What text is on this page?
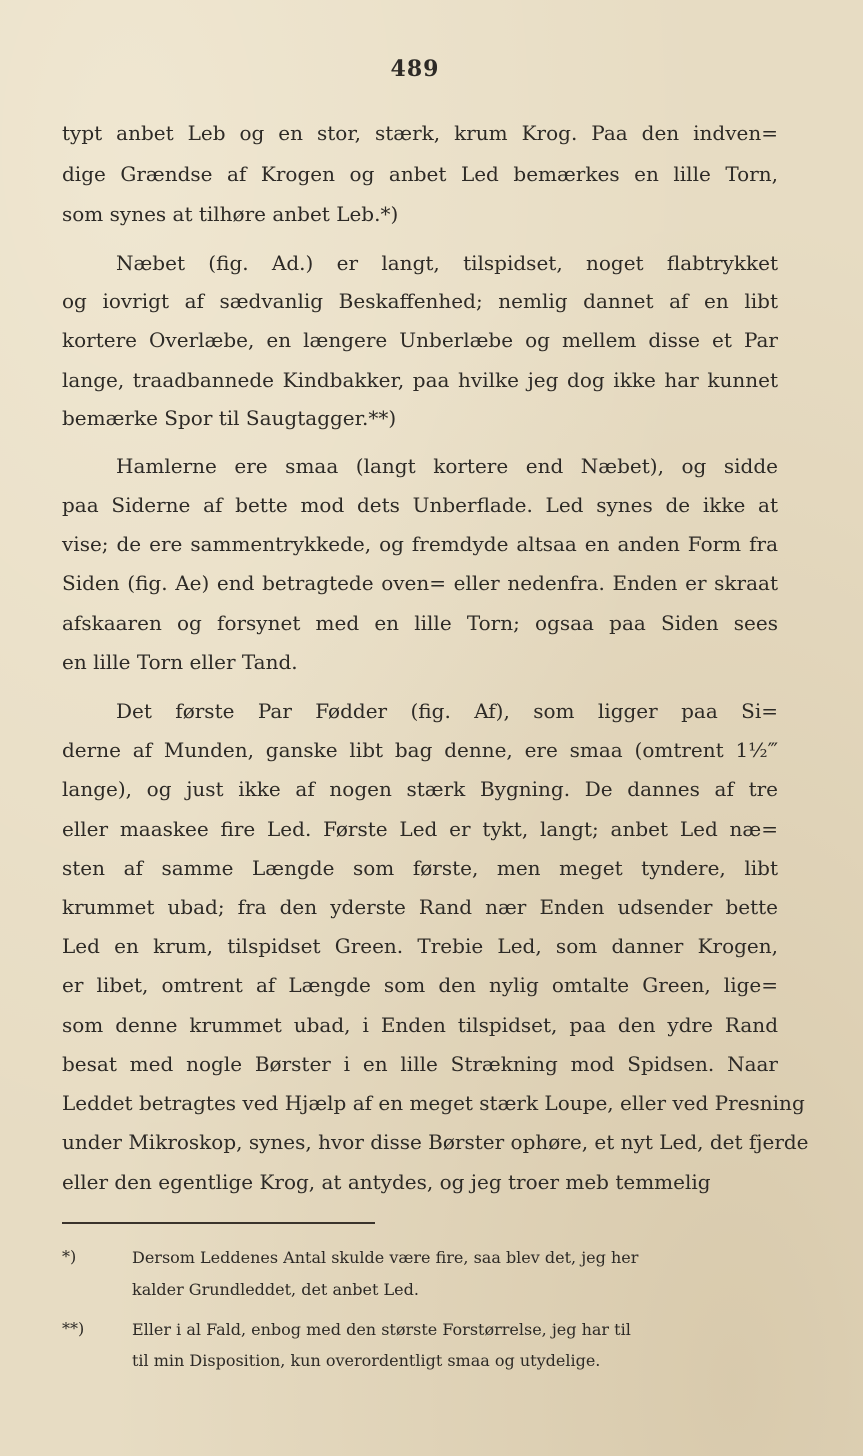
489
typt anbet Leb og en stor, stærk, krum Krog. Paa den indven=
dige Grændse af Krogen og anbet Led bemærkes en lille Torn,
som synes at tilhøre anbet Leb.*)
Næbet (fig. Ad.) er langt, tilspidset, noget flabtrykket
og iovrigt af sædvanlig Beskaffenhed; nemlig dannet af en libt
kortere Overlæbe, en længere Unberlæbe og mellem disse et Par
lange, traadbannede Kindbakker, paa hvilke jeg dog ikke har kunnet
bemærke Spor til Saugtagger.**)
Hamlerne ere smaa (langt kortere end Næbet), og sidde
paa Siderne af bette mod dets Unberflade. Led synes de ikke at
vise; de ere sammentrykkede, og fremdyde altsaa en anden Form fra
Siden (fig. Ae) end betragtede oven= eller nedenfra. Enden er skraat
afskaaren og forsynet med en lille Torn; ogsaa paa Siden sees
en lille Torn eller Tand.
Det første Par Fødder (fig. Af), som ligger paa Si=
derne af Munden, ganske libt bag denne, ere smaa (omtrent 1½‴
lange), og just ikke af nogen stærk Bygning. De dannes af tre
eller maaskee fire Led. Første Led er tykt, langt; anbet Led næ=
sten af samme Længde som første, men meget tyndere, libt
krummet ubad; fra den yderste Rand nær Enden udsender bette
Led en krum, tilspidset Green. Trebie Led, som danner Krogen,
er libet, omtrent af Længde som den nylig omtalte Green, lige=
som denne krummet ubad, i Enden tilspidset, paa den ydre Rand
besat med nogle Børster i en lille Strækning mod Spidsen. Naar
Leddet betragtes ved Hjælp af en meget stærk Loupe, eller ved Presning
under Mikroskop, synes, hvor disse Børster ophøre, et nyt Led, det fjerde
eller den egentlige Krog, at antydes, og jeg troer meb temmelig
*)	Dersom Leddenes Antal skulde være fire, saa blev det, jeg her
kalder Grundleddet, det anbet Led.
**)	Eller i al Fald, enbog med den største Forstørrelse, jeg har til
til min Disposition, kun overordentligt smaa og utydelige.
